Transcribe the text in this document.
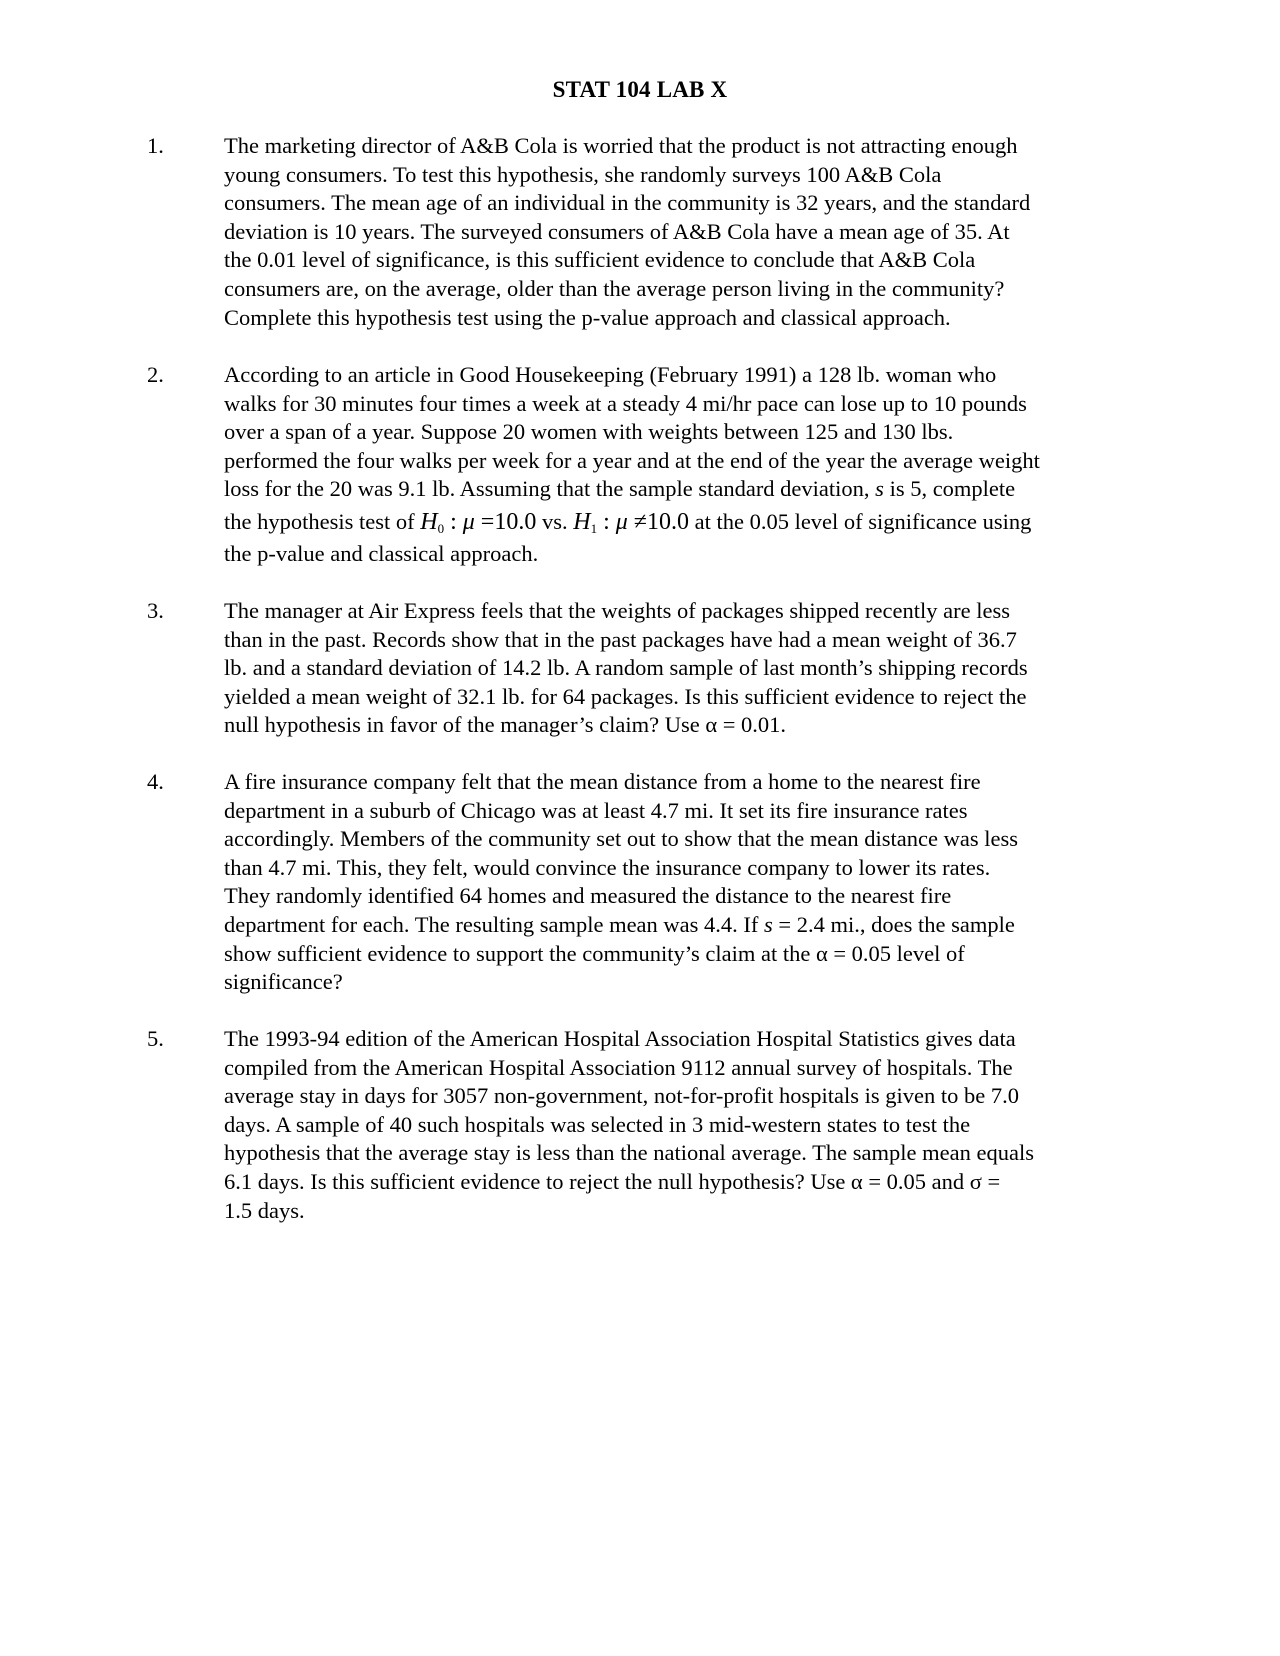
STAT 104 LAB X
1.	The marketing director of A&B Cola is worried that the product is not attracting enough
young consumers. To test this hypothesis, she randomly surveys 100 A&B Cola
consumers. The mean age of an individual in the community is 32 years, and the standard
deviation is 10 years. The surveyed consumers of A&B Cola have a mean age of 35. At
the 0.01 level of significance, is this sufficient evidence to conclude that A&B Cola
consumers are, on the average, older than the average person living in the community?
Complete this hypothesis test using the p-value approach and classical approach.
2.	According to an article in Good Housekeeping (February 1991) a 128 lb. woman who
walks for 30 minutes four times a week at a steady 4 mi/hr pace can lose up to 10 pounds
over a span of a year. Suppose 20 women with weights between 125 and 130 lbs.
performed the four walks per week for a year and at the end of the year the average weight
loss for the 20 was 9.1 lb. Assuming that the sample standard deviation, s is 5, complete
the hypothesis test of $H_0$ : μ =10.0 vs. $H_1$ : μ ≠10.0 at the 0.05 level of significance using
the p-value and classical approach.
3.	The manager at Air Express feels that the weights of packages shipped recently are less
than in the past. Records show that in the past packages have had a mean weight of 36.7
lb. and a standard deviation of 14.2 lb. A random sample of last month’s shipping records
yielded a mean weight of 32.1 lb. for 64 packages. Is this sufficient evidence to reject the
null hypothesis in favor of the manager’s claim? Use α = 0.01.
4.	A fire insurance company felt that the mean distance from a home to the nearest fire
department in a suburb of Chicago was at least 4.7 mi. It set its fire insurance rates
accordingly. Members of the community set out to show that the mean distance was less
than 4.7 mi. This, they felt, would convince the insurance company to lower its rates.
They randomly identified 64 homes and measured the distance to the nearest fire
department for each. The resulting sample mean was 4.4. If s = 2.4 mi., does the sample
show sufficient evidence to support the community’s claim at the α = 0.05 level of
significance?
5.	The 1993-94 edition of the American Hospital Association Hospital Statistics gives data
compiled from the American Hospital Association 9112 annual survey of hospitals. The
average stay in days for 3057 non-government, not-for-profit hospitals is given to be 7.0
days. A sample of 40 such hospitals was selected in 3 mid-western states to test the
hypothesis that the average stay is less than the national average. The sample mean equals
6.1 days. Is this sufficient evidence to reject the null hypothesis? Use α = 0.05 and σ =
1.5 days.
